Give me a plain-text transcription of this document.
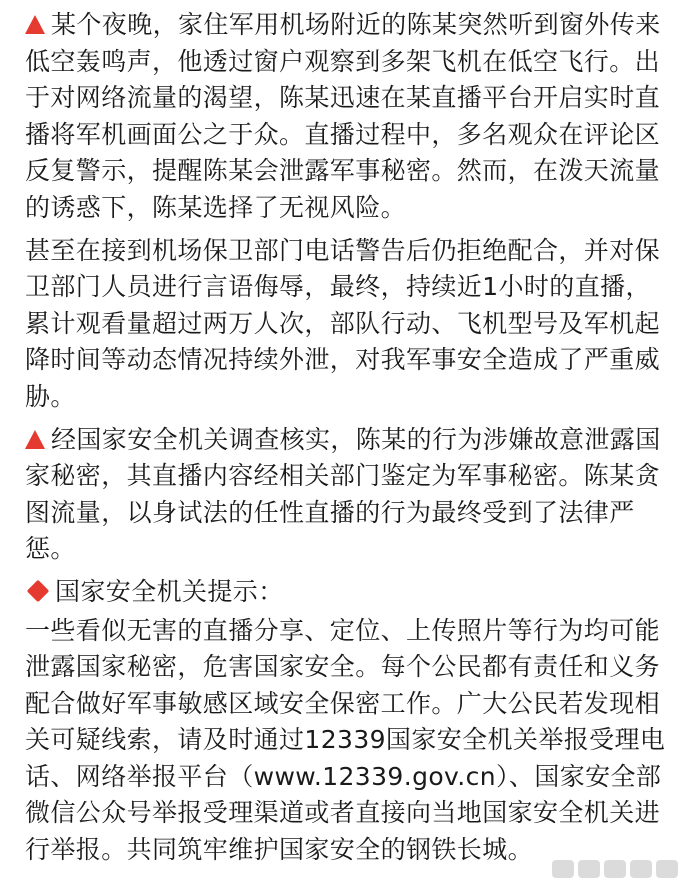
某个夜晚，家住军用机场附近的陈某突然听到窗外传来低空轰鸣声，他透过窗户观察到多架飞机在低空飞行。出于对网络流量的渴望，陈某迅速在某直播平台开启实时直播将军机画面公之于众。直播过程中，多名观众在评论区反复警示，提醒陈某会泄露军事秘密。然而，在泼天流量的诱惑下，陈某选择了无视风险。

甚至在接到机场保卫部门电话警告后仍拒绝配合，并对保卫部门人员进行言语侮辱，最终，持续近1小时的直播，累计观看量超过两万人次，部队行动、飞机型号及军机起降时间等动态情况持续外泄，对我军事安全造成了严重威胁。

经国家安全机关调查核实，陈某的行为涉嫌故意泄露国家秘密，其直播内容经相关部门鉴定为军事秘密。陈某贪图流量，以身试法的任性直播的行为最终受到了法律严惩。

国家安全机关提示：

一些看似无害的直播分享、定位、上传照片等行为均可能泄露国家秘密，危害国家安全。每个公民都有责任和义务配合做好军事敏感区域安全保密工作。广大公民若发现相关可疑线索，请及时通过12339国家安全机关举报受理电话、网络举报平台（www.12339.gov.cn）、国家安全部微信公众号举报受理渠道或者直接向当地国家安全机关进行举报。共同筑牢维护国家安全的钢铁长城。
